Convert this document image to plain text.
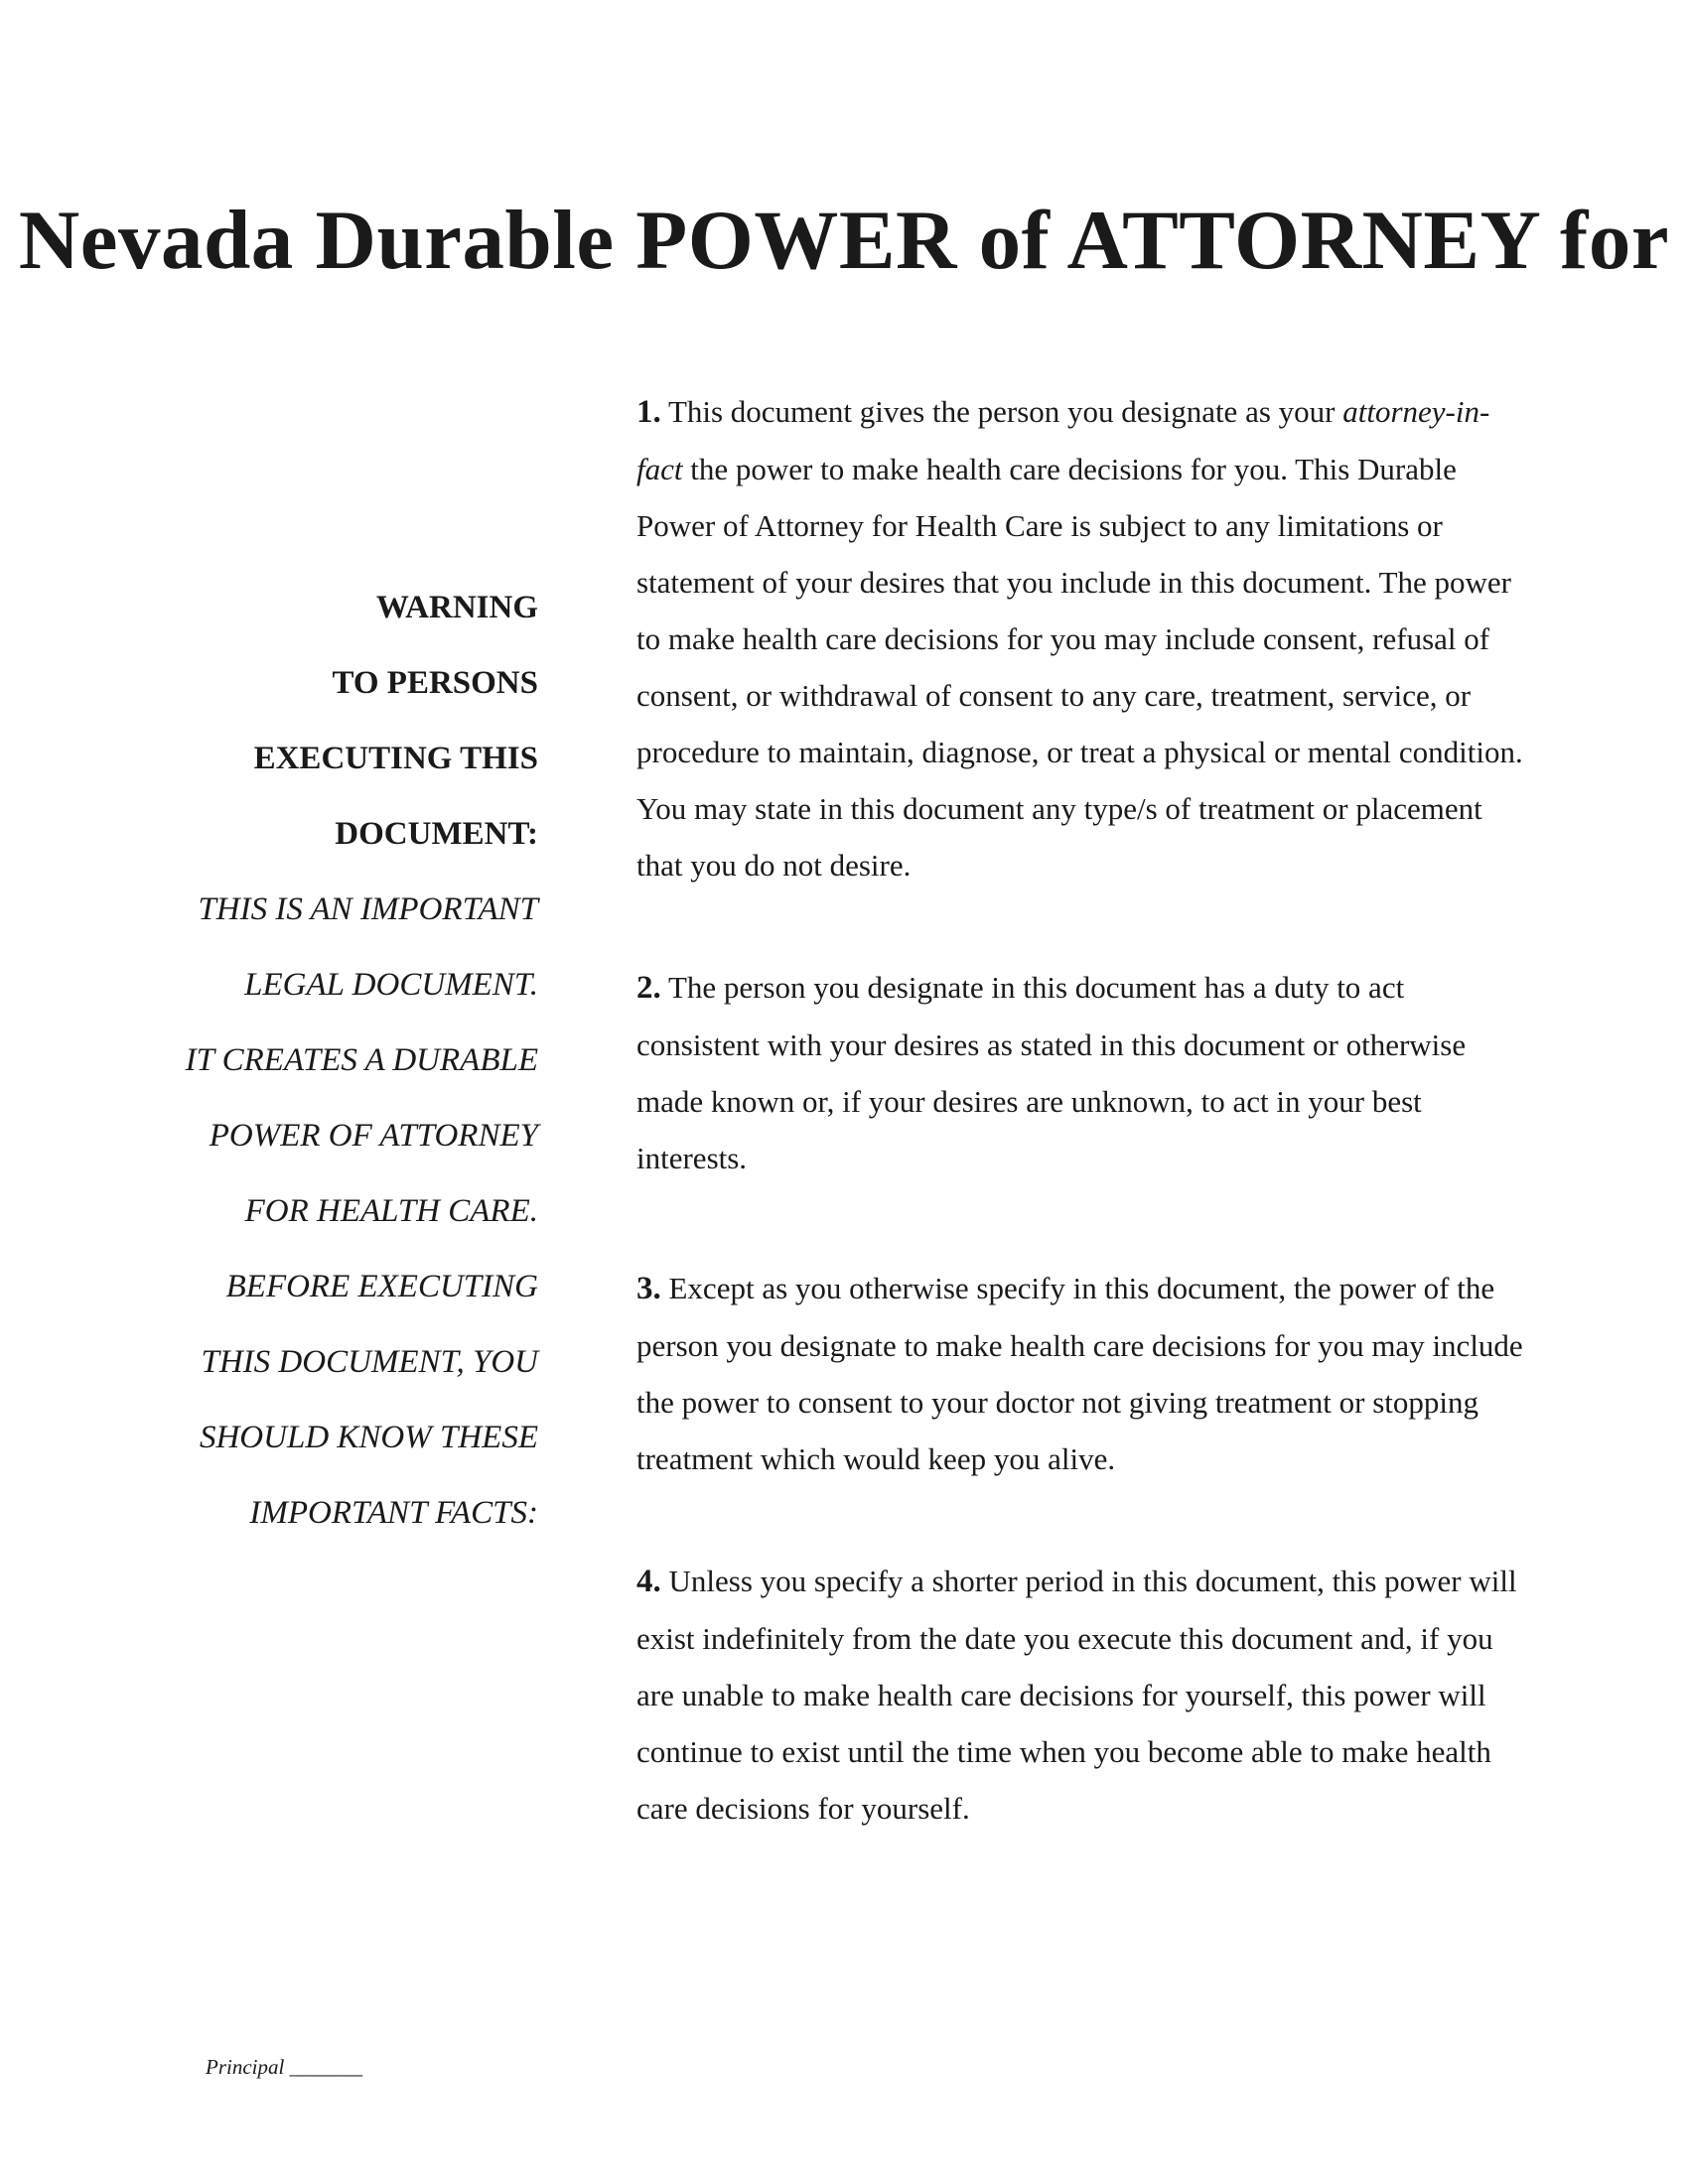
Nevada Durable POWER of ATTORNEY for
WARNING
TO PERSONS
EXECUTING THIS
DOCUMENT:
THIS IS AN IMPORTANT
LEGAL DOCUMENT.
IT CREATES A DURABLE
POWER OF ATTORNEY
FOR HEALTH CARE.
BEFORE EXECUTING
THIS DOCUMENT, YOU
SHOULD KNOW THESE
IMPORTANT FACTS:

1. This document gives the person you designate as your attorney-in-fact the power to make health care decisions for you. This Durable Power of Attorney for Health Care is subject to any limitations or statement of your desires that you include in this document. The power to make health care decisions for you may include consent, refusal of consent, or withdrawal of consent to any care, treatment, service, or procedure to maintain, diagnose, or treat a physical or mental condition. You may state in this document any type/s of treatment or placement that you do not desire.

2. The person you designate in this document has a duty to act consistent with your desires as stated in this document or otherwise made known or, if your desires are unknown, to act in your best interests.

3. Except as you otherwise specify in this document, the power of the person you designate to make health care decisions for you may include the power to consent to your doctor not giving treatment or stopping treatment which would keep you alive.

4. Unless you specify a shorter period in this document, this power will exist indefinitely from the date you execute this document and, if you are unable to make health care decisions for yourself, this power will continue to exist until the time when you become able to make health care decisions for yourself.

Principal _______
